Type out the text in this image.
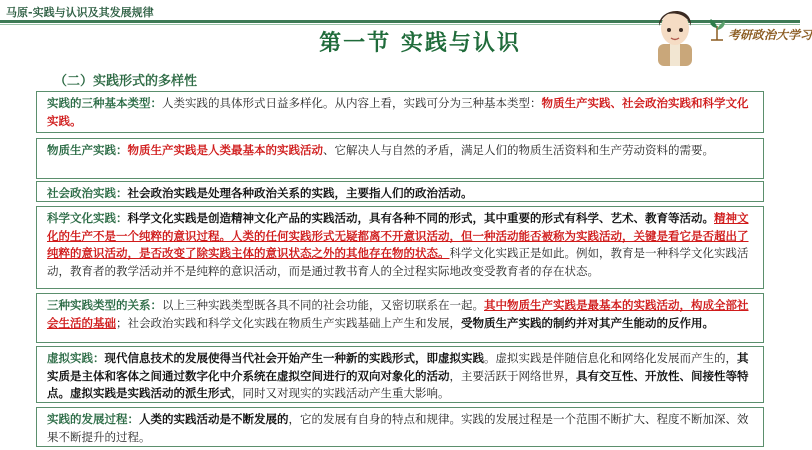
马原-实践与认识及其发展规律
第一节 实践与认识	考研政治大学习
（二）实践形式的多样性
实践的三种基本类型：人类实践的具体形式日益多样化。从内容上看，实践可分为三种基本类型：物质生产实践、社会政治实践和科学文化实践。
物质生产实践：物质生产实践是人类最基本的实践活动、它解决人与自然的矛盾，满足人们的物质生活资料和生产劳动资料的需要。
社会政治实践：社会政治实践是处理各种政治关系的实践，主要指人们的政治活动。
科学文化实践：科学文化实践是创造精神文化产品的实践活动，具有各种不同的形式，其中重要的形式有科学、艺术、教育等活动。精神文化的生产不是一个纯粹的意识过程。人类的任何实践形式无疑都离不开意识活动，但一种活动能否被称为实践活动，关键是看它是否超出了纯粹的意识活动，是否改变了除实践主体的意识状态之外的其他存在物的状态。科学文化实践正是如此。例如，教育是一种科学文化实践活动，教育者的教学活动并不是纯粹的意识活动，而是通过教书育人的全过程实际地改变受教育者的存在状态。
三种实践类型的关系：以上三种实践类型既各具不同的社会功能，又密切联系在一起。其中物质生产实践是最基本的实践活动，构成全部社会生活的基础；社会政治实践和科学文化实践在物质生产实践基础上产生和发展，受物质生产实践的制约并对其产生能动的反作用。
虚拟实践：现代信息技术的发展使得当代社会开始产生一种新的实践形式，即虚拟实践。虚拟实践是伴随信息化和网络化发展而产生的，其实质是主体和客体之间通过数字化中介系统在虚拟空间进行的双向对象化的活动，主要活跃于网络世界，具有交互性、开放性、间接性等特点。虚拟实践是实践活动的派生形式，同时又对现实的实践活动产生重大影响。
实践的发展过程：人类的实践活动是不断发展的，它的发展有自身的特点和规律。实践的发展过程是一个范围不断扩大、程度不断加深、效果不断提升的过程。
